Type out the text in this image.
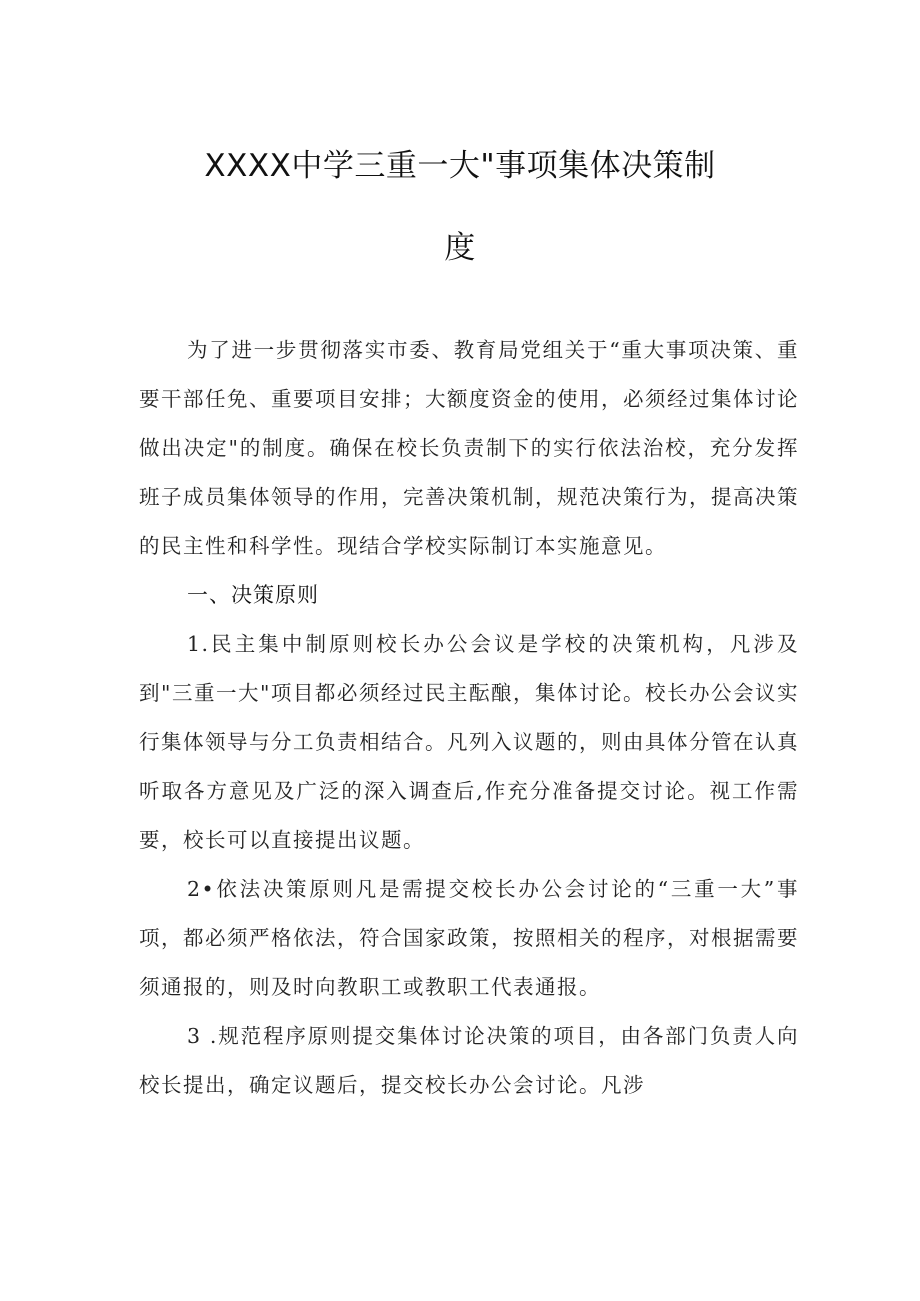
XXXX中学三重一大"事项集体决策制
度

为了进一步贯彻落实市委、教育局党组关于“重大事项决策、重要干部任免、重要项目安排；大额度资金的使用，必须经过集体讨论做出决定"的制度。确保在校长负责制下的实行依法治校，充分发挥班子成员集体领导的作用，完善决策机制，规范决策行为，提高决策的民主性和科学性。现结合学校实际制订本实施意见。

一、决策原则

1.民主集中制原则校长办公会议是学校的决策机构，凡涉及到"三重一大"项目都必须经过民主酝酿，集体讨论。校长办公会议实行集体领导与分工负责相结合。凡列入议题的，则由具体分管在认真听取各方意见及广泛的深入调查后,作充分准备提交讨论。视工作需要，校长可以直接提出议题。

2•依法决策原则凡是需提交校长办公会讨论的“三重一大”事项，都必须严格依法，符合国家政策，按照相关的程序，对根据需要须通报的，则及时向教职工或教职工代表通报。

3 .规范程序原则提交集体讨论决策的项目，由各部门负责人向校长提出，确定议题后，提交校长办公会讨论。凡涉
